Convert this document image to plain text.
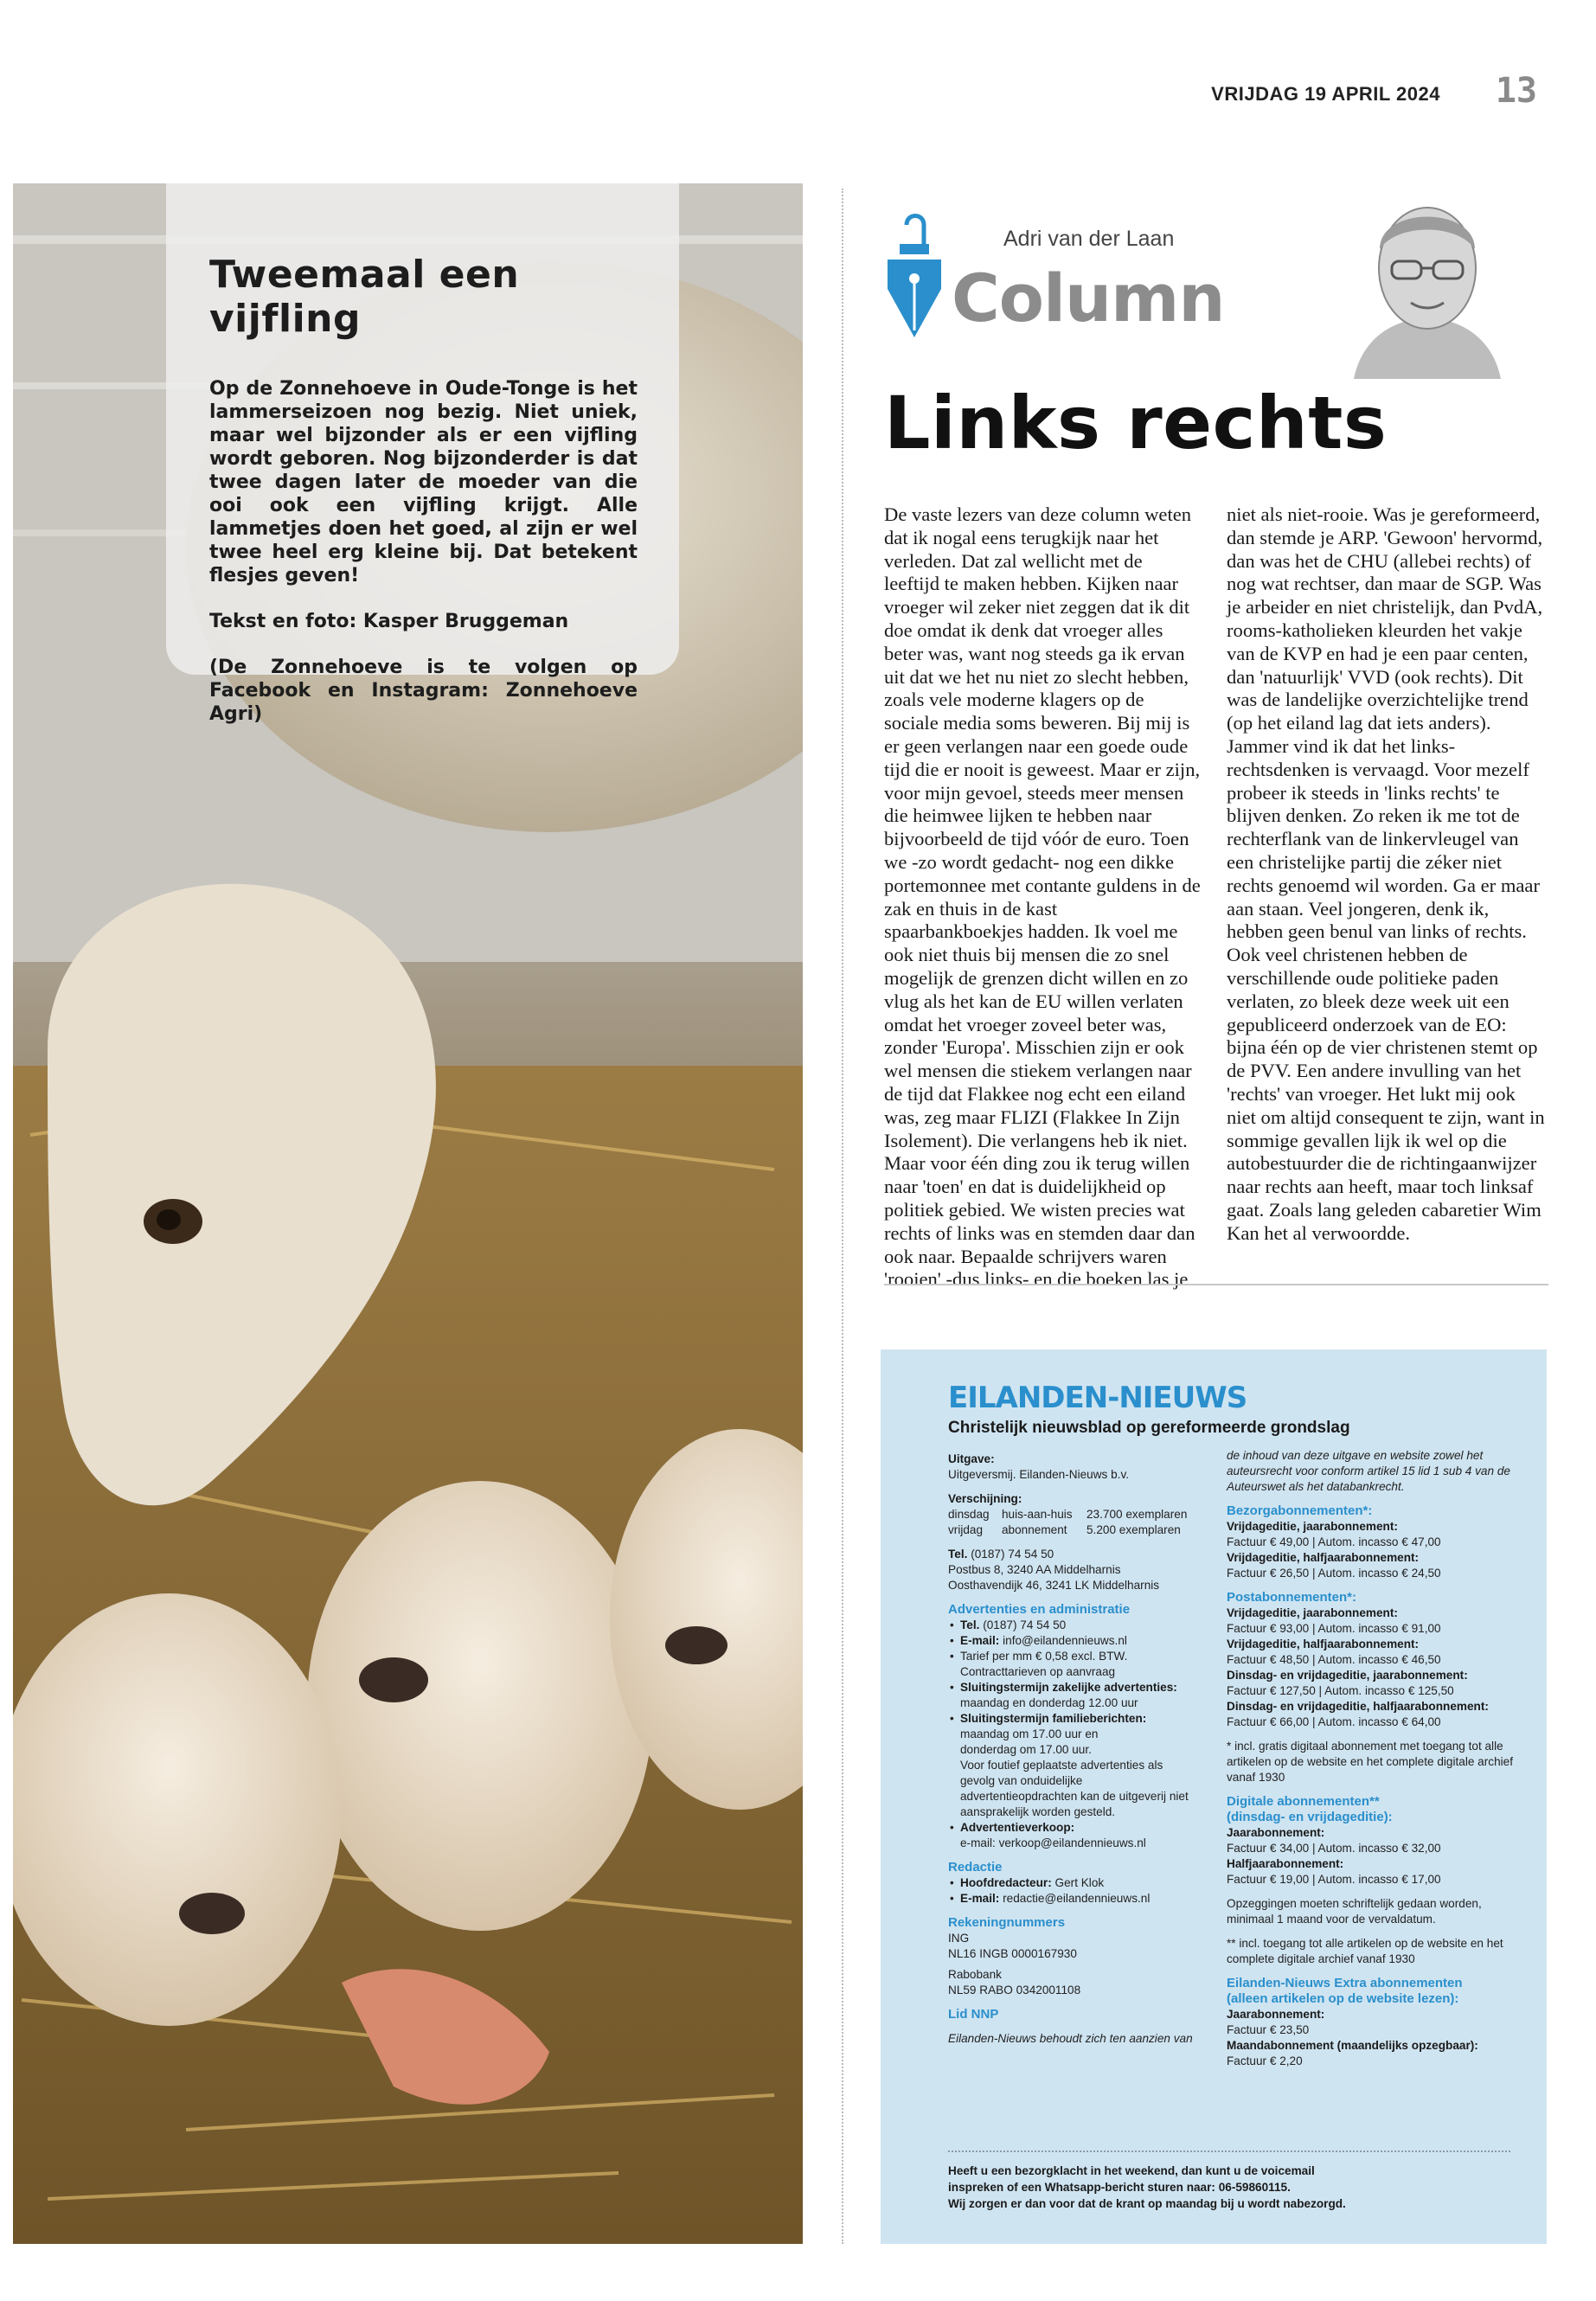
VRIJDAG 19 APRIL 2024 13
Tweemaal een vijfling

Op de Zonnehoeve in Oude-Tonge is het lammerseizoen nog bezig. Niet uniek, maar wel bijzonder als er een vijfling wordt geboren. Nog bijzonderder is dat twee dagen later de moeder van die ooi ook een vijfling krijgt. Alle lammetjes doen het goed, al zijn er wel twee heel erg kleine bij. Dat betekent flesjes geven!

Tekst en foto: Kasper Bruggeman

(De Zonnehoeve is te volgen op Facebook en Instagram: Zonnehoeve Agri)

Adri van der Laan
Column
Links rechts
De vaste lezers van deze column weten dat ik nogal eens terugkijk naar het verleden. Dat zal wellicht met de leeftijd te maken hebben. Kijken naar vroeger wil zeker niet zeggen dat ik dit doe omdat ik denk dat vroeger alles beter was, want nog steeds ga ik ervan uit dat we het nu niet zo slecht hebben, zoals vele moderne klagers op de sociale media soms beweren. Bij mij is er geen verlangen naar een goede oude tijd die er nooit is geweest. Maar er zijn, voor mijn gevoel, steeds meer mensen die heimwee lijken te hebben naar bijvoorbeeld de tijd vóór de euro. Toen we -zo wordt gedacht- nog een dikke portemonnee met contante guldens in de zak en thuis in de kast spaarbankboekjes hadden. Ik voel me ook niet thuis bij mensen die zo snel mogelijk de grenzen dicht willen en zo vlug als het kan de EU willen verlaten omdat het vroeger zoveel beter was, zonder 'Europa'. Misschien zijn er ook wel mensen die stiekem verlangen naar de tijd dat Flakkee nog echt een eiland was, zeg maar FLIZI (Flakkee In Zijn Isolement). Die verlangens heb ik niet. Maar voor één ding zou ik terug willen naar 'toen' en dat is duidelijkheid op politiek gebied. We wisten precies wat rechts of links was en stemden daar dan ook naar. Bepaalde schrijvers waren 'rooien' -dus links- en die boeken las je
niet als niet-rooie. Was je gereformeerd, dan stemde je ARP. 'Gewoon' hervormd, dan was het de CHU (allebei rechts) of nog wat rechtser, dan maar de SGP. Was je arbeider en niet christelijk, dan PvdA, rooms-katholieken kleurden het vakje van de KVP en had je een paar centen, dan 'natuurlijk' VVD (ook rechts). Dit was de landelijke overzichtelijke trend (op het eiland lag dat iets anders). Jammer vind ik dat het links-rechtsdenken is vervaagd. Voor mezelf probeer ik steeds in 'links rechts' te blijven denken. Zo reken ik me tot de rechterflank van de linkervleugel van een christelijke partij die zéker niet rechts genoemd wil worden. Ga er maar aan staan. Veel jongeren, denk ik, hebben geen benul van links of rechts. Ook veel christenen hebben de verschillende oude politieke paden verlaten, zo bleek deze week uit een gepubliceerd onderzoek van de EO: bijna één op de vier christenen stemt op de PVV. Een andere invulling van het 'rechts' van vroeger. Het lukt mij ook niet om altijd consequent te zijn, want in sommige gevallen lijk ik wel op die autobestuurder die de richtingaanwijzer naar rechts aan heeft, maar toch linksaf gaat. Zoals lang geleden cabaretier Wim Kan het al verwoordde.
EILANDEN-NIEUWS
Christelijk nieuwsblad op gereformeerde grondslag
Uitgave:
Uitgeversmij. Eilanden-Nieuws b.v.
Verschijning:
dinsdag	huis-aan-huis	23.700 exemplaren
vrijdag	abonnement	5.200 exemplaren
Tel. (0187) 74 54 50
Postbus 8, 3240 AA Middelharnis
Oosthavendijk 46, 3241 LK Middelharnis
Advertenties en administratie
• Tel. (0187) 74 54 50
• E-mail: info@eilandennieuws.nl
• Tarief per mm € 0,58 excl. BTW.
Contracttarieven op aanvraag
• Sluitingstermijn zakelijke advertenties:
maandag en donderdag 12.00 uur
• Sluitingstermijn familieberichten:
maandag om 17.00 uur en
donderdag om 17.00 uur.
Voor foutief geplaatste advertenties als gevolg van onduidelijke advertentieopdrachten kan de uitgeverij niet aansprakelijk worden gesteld.
• Advertentieverkoop:
e-mail: verkoop@eilandennieuws.nl
Redactie
• Hoofdredacteur: Gert Klok
• E-mail: redactie@eilandennieuws.nl
Rekeningnummers
ING
NL16 INGB 0000167930
Rabobank
NL59 RABO 0342001108
Lid NNP
Eilanden-Nieuws behoudt zich ten aanzien van
de inhoud van deze uitgave en website zowel het auteursrecht voor conform artikel 15 lid 1 sub 4 van de Auteurswet als het databankrecht.
Bezorgabonnementen*:
Vrijdageditie, jaarabonnement:
Factuur € 49,00 | Autom. incasso € 47,00
Vrijdageditie, halfjaarabonnement:
Factuur € 26,50 | Autom. incasso € 24,50
Postabonnementen*:
Vrijdageditie, jaarabonnement:
Factuur € 93,00 | Autom. incasso € 91,00
Vrijdageditie, halfjaarabonnement:
Factuur € 48,50 | Autom. incasso € 46,50
Dinsdag- en vrijdageditie, jaarabonnement:
Factuur € 127,50 | Autom. incasso € 125,50
Dinsdag- en vrijdageditie, halfjaarabonnement:
Factuur € 66,00 | Autom. incasso € 64,00
* incl. gratis digitaal abonnement met toegang tot alle artikelen op de website en het complete digitale archief vanaf 1930
Digitale abonnementen**
(dinsdag- en vrijdageditie):
Jaarabonnement:
Factuur € 34,00 | Autom. incasso € 32,00
Halfjaarabonnement:
Factuur € 19,00 | Autom. incasso € 17,00
Opzeggingen moeten schriftelijk gedaan worden, minimaal 1 maand voor de vervaldatum.
** incl. toegang tot alle artikelen op de website en het complete digitale archief vanaf 1930
Eilanden-Nieuws Extra abonnementen
(alleen artikelen op de website lezen):
Jaarabonnement:
Factuur € 23,50
Maandabonnement (maandelijks opzegbaar):
Factuur € 2,20
Heeft u een bezorgklacht in het weekend, dan kunt u de voicemail
inspreken of een Whatsapp-bericht sturen naar: 06-59860115.
Wij zorgen er dan voor dat de krant op maandag bij u wordt nabezorgd.
